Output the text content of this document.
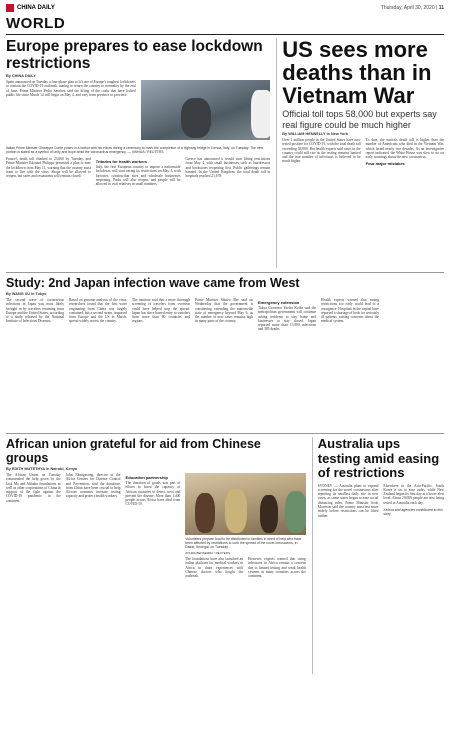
CHINA DAILY	Thursday, April 30, 2020 | 11
WORLD
Europe prepares to ease lockdown restrictions
By CHINA DAILY
Spain announced on Tuesday a four-phase plan to lift one of Europe's toughest lockdowns to contain the COVID-19 outbreak, aiming to return the country to normality by the end of June. Prime Minister Pedro Sanchez said the lifting of the curbs that have locked public life since March 14 will begin on May 4, and vary from province to province.
Italian Prime Minister Giuseppe Conte poses in a button with his elbow during a ceremony to mark the completion of a highway bridge in Genoa, Italy, on Tuesday. The new portion is slated as a symbol of unity and hope amid the coronavirus emergency. — XINHUA / REUTERS
France's death toll climbed to 23,660 by Tuesday, and Prime Minister Edouard Philippe presented a plan to ease the lockdown from May 11, warning that the country must learn to live with the virus. Shops will be allowed to reopen, but cafes and restaurants will remain closed.
Tributes for health workers
Italy, the first European country to impose a nationwide lockdown, will start easing its restrictions on May 4, with factories, construction sites and wholesale businesses reopening. Parks will also reopen, and people will be allowed to visit relatives in small numbers.
Greece has announced it would start lifting restrictions from May 4, with small businesses such as hairdressers and bookstores reopening first. Public gatherings remain banned. In the United Kingdom, the total death toll in hospitals reached 21,678.
US sees more deaths than in Vietnam War
Official toll tops 58,000 but experts say real figure could be much higher
By WILLIAM HENNELLY in New York
Over 1 million people in the United States have now tested positive for COVID-19, with the total death toll exceeding 58,000. But health experts said cases in the country could still rise as the testing remains limited and the true number of infections is believed to be much higher.
To date, the nation's death toll is higher than the number of Americans who died in the Vietnam War, which lasted nearly two decades. As an investigative report indicated, the White House was slow to act on early warnings about the new coronavirus.
Four major mistakes
Study: 2nd Japan infection wave came from West
By WANG XU in Tokyo
The second wave of coronavirus infections in Japan was most likely brought in by travelers returning from Europe and the United States, according to a study released by the National Institute of Infectious Diseases.
Based on genome analysis of the virus, researchers found that the first wave originating from China was largely contained, but a second strain, imported from Europe and the US in March, spread widely across the country.
The institute said that a more thorough screening of travelers from overseas could have helped stop the spread. Japan has since barred entry to travelers from more than 80 countries and regions.
Prime Minister Shinzo Abe said on Wednesday that the government is considering extending the nationwide state of emergency beyond May 6, as the number of new cases remains high in many parts of the country.
Emergency extension
Tokyo Governor Yuriko Koike said the metropolitan government will continue asking residents to stay home and businesses to stay closed. Japan reported more than 13,000 infections and 385 deaths.
Health experts warned that easing restrictions too early could lead to a resurgence. Hospitals in the capital have reported a shortage of beds for seriously ill patients, raising concerns about the medical system.
African union grateful for aid from Chinese groups
By EDITH MUTETHYA in Nairobi, Kenya
The African Union on Tuesday commended the help given by the Jack Ma and Alibaba foundations as well as other corporations of China in support of the fight against the COVID-19 pandemic in the continent.
John Nkengasong, director of the Africa Centres for Disease Control and Prevention, said the donations from China have been crucial to help African countries increase testing capacity and protect health workers.
Education partnership
The donation of goods was part of efforts to boost the capacity of African countries to detect, treat and prevent the disease. More than 1,400 people across Africa have died from COVID-19.
Volunteers prepare food to be distributed to families in need of help who have been affected by restrictions to curb the spread of the novel coronavirus, in Dakar, Senegal, on Tuesday.
ZOHRA BENSEMRA / REUTERS
The foundations have also launched an online platform for medical workers in Africa to share experiences with Chinese doctors who fought the outbreak.
However, experts warned that rising infections in Africa remain a concern due to limited testing and weak health systems in many countries across the continent.
Australia ups testing amid easing of restrictions
SYDNEY — Australia plans to expand screening for the novel coronavirus after reporting its smallest daily rise in new cases, as some states began to ease social distancing rules. Prime Minister Scott Morrison said the country must test more widely before restrictions can be lifted further.
Elsewhere in the Asia-Pacific, South Korea is set to ease curbs, while New Zealand began its first day at a lower alert level. About 20,000 people are now being tested in Australia each day.
Xinhua and agencies contributed to this story.
